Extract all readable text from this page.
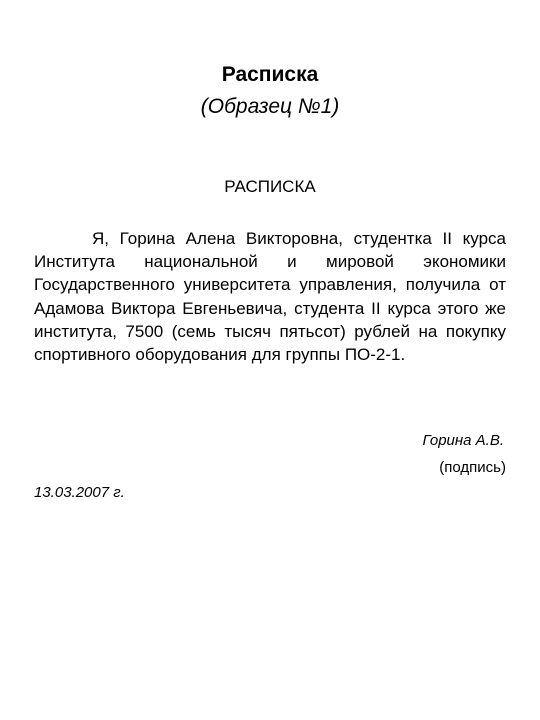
Расписка
(Образец №1)
РАСПИСКА

Я, Горина Алена Викторовна, студентка II курса Института национальной и мировой экономики Государственного университета управления, получила от Адамова Виктора Евгеньевича, студента II курса этого же института, 7500 (семь тысяч пятьсот) рублей на покупку спортивного оборудования для группы ПО-2-1.

Горина А.В.
(подпись)
13.03.2007 г.
